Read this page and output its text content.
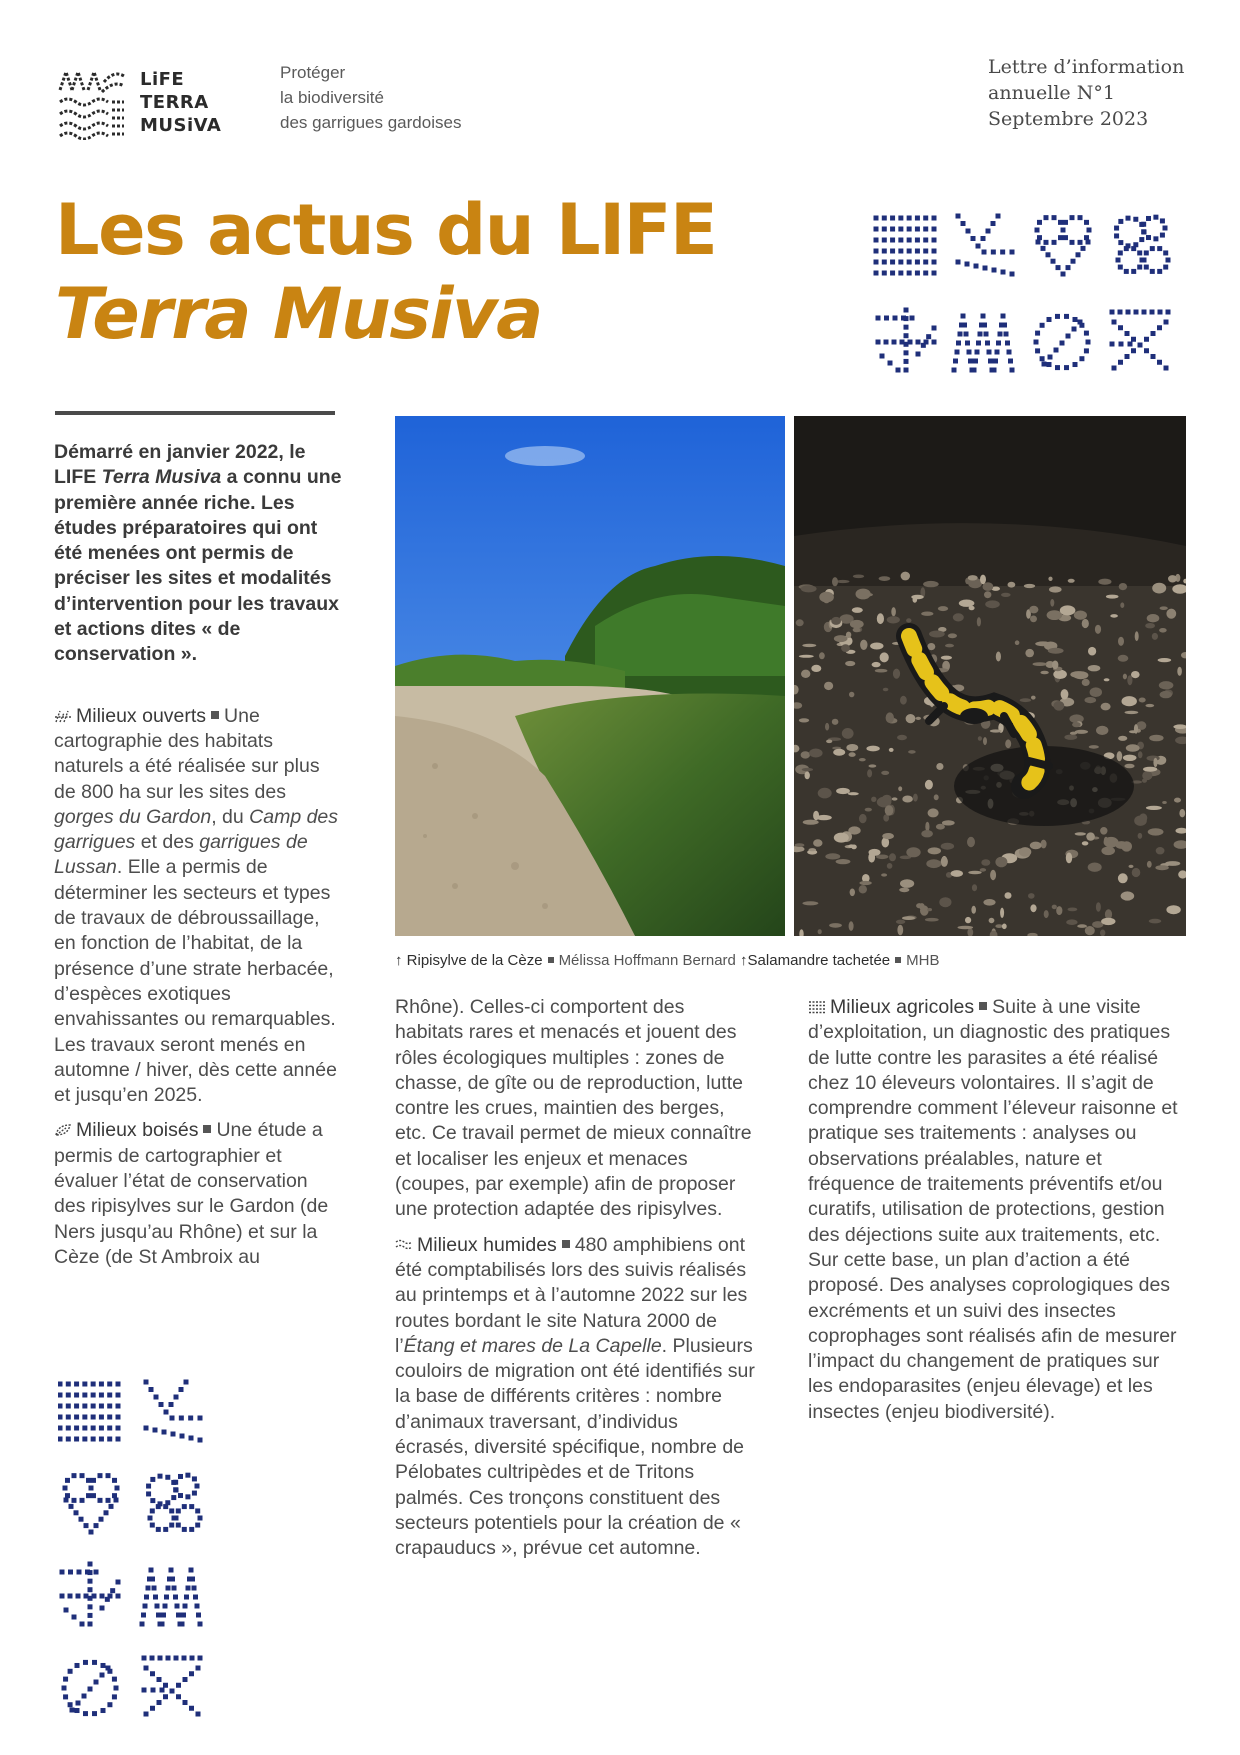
LiFE
TERRA
MUSiVA
Protéger
la biodiversité
des garrigues gardoises
Lettre d’information
annuelle N°1
Septembre 2023
Les actus du LIFE
Terra Musiva

Démarré en janvier 2022, le LIFE Terra Musiva a connu une première année riche. Les études préparatoires qui ont été menées ont permis de préciser les sites et modalités d’intervention pour les travaux et actions dites « de conservation ».

Milieux ouverts Une cartographie des habitats naturels a été réalisée sur plus de 800 ha sur les sites des gorges du Gardon, du Camp des garrigues et des garrigues de Lussan. Elle a permis de déterminer les secteurs et types de travaux de débroussaillage, en fonction de l’habitat, de la présence d’une strate herbacée, d’espèces exotiques envahissantes ou remarquables. Les travaux seront menés en automne / hiver, dès cette année et jusqu’en 2025.

Milieux boisés Une étude a permis de cartographier et évaluer l’état de conservation des ripisylves sur le Gardon (de Ners jusqu’au Rhône) et sur la Cèze (de St Ambroix au

↑ Ripisylve de la Cèze Mélissa Hoffmann Bernard ↑Salamandre tachetée MHB

Rhône). Celles-ci comportent des habitats rares et menacés et jouent des rôles écologiques multiples : zones de chasse, de gîte ou de reproduction, lutte contre les crues, maintien des berges, etc. Ce travail permet de mieux connaître et localiser les enjeux et menaces (coupes, par exemple) afin de proposer une protection adaptée des ripisylves.

Milieux humides 480 amphibiens ont été comptabilisés lors des suivis réalisés au printemps et à l’automne 2022 sur les routes bordant le site Natura 2000 de l’Étang et mares de La Capelle. Plusieurs couloirs de migration ont été identifiés sur la base de différents critères : nombre d’animaux traversant, d’individus écrasés, diversité spécifique, nombre de Pélobates cultripèdes et de Tritons palmés. Ces tronçons constituent des secteurs potentiels pour la création de « crapauducs », prévue cet automne.

Milieux agricoles Suite à une visite d’exploitation, un diagnostic des pratiques de lutte contre les parasites a été réalisé chez 10 éleveurs volontaires. Il s’agit de comprendre comment l’éleveur raisonne et pratique ses traitements : analyses ou observations préalables, nature et fréquence de traitements préventifs et/ou curatifs, utilisation de protections, gestion des déjections suite aux traitements, etc. Sur cette base, un plan d’action a été proposé. Des analyses coprologiques des excréments et un suivi des insectes coprophages sont réalisés afin de mesurer l’impact du changement de pratiques sur les endoparasites (enjeu élevage) et les insectes (enjeu biodiversité).
